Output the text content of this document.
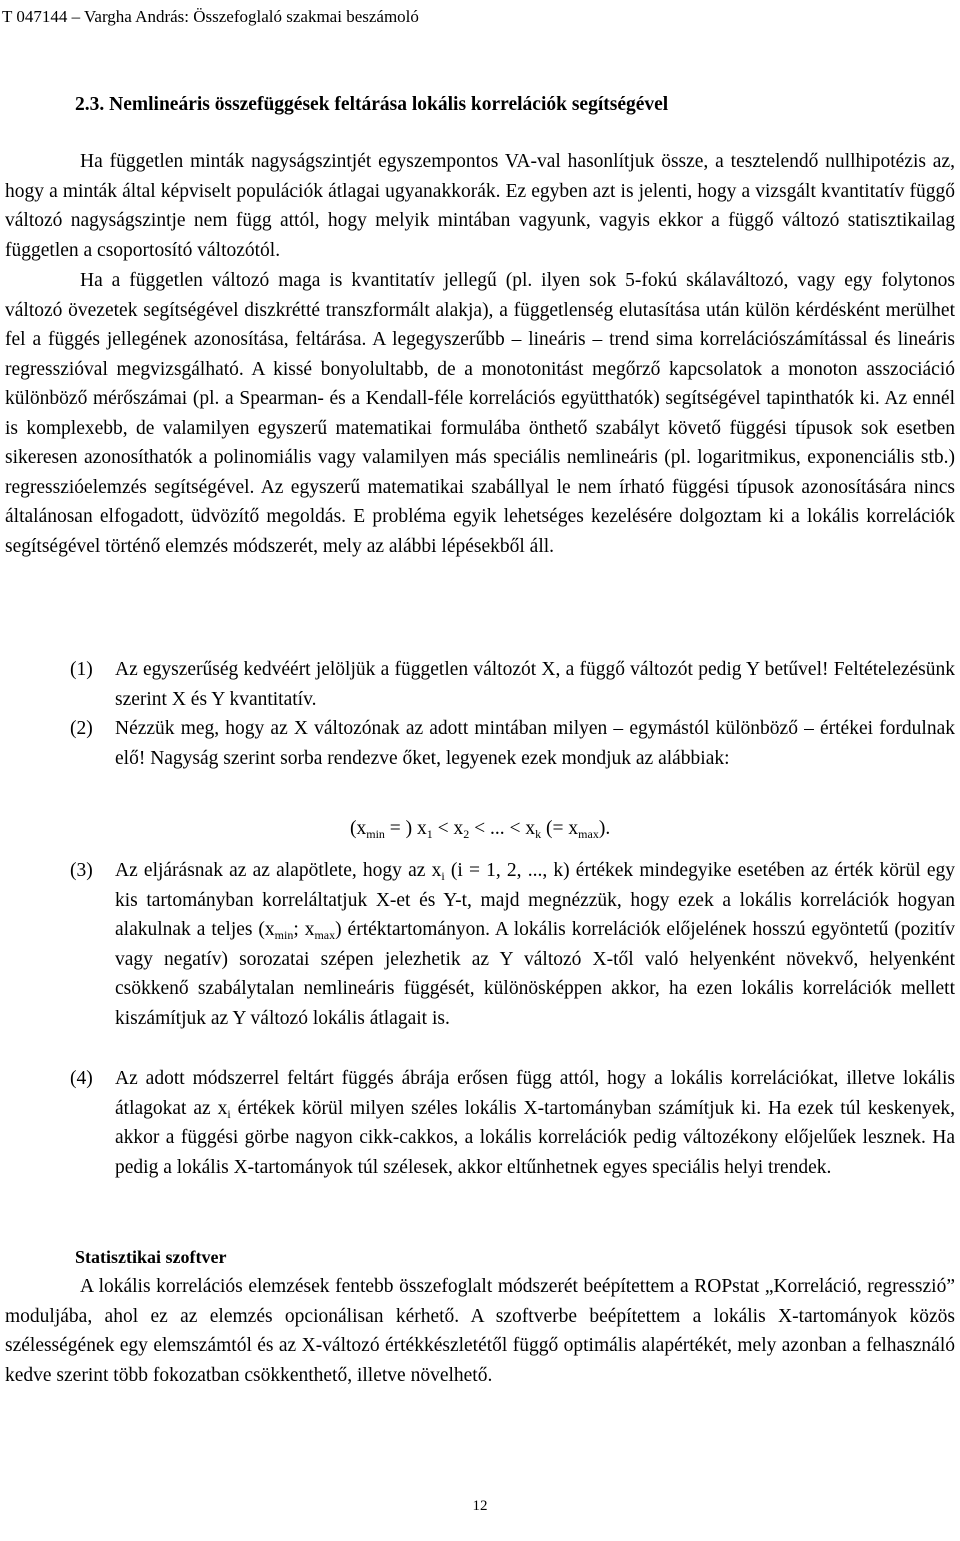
T 047144 – Vargha András: Összefoglaló szakmai beszámoló
2.3. Nemlineáris összefüggések feltárása lokális korrelációk segítségével

Ha független minták nagyságszintjét egyszempontos VA-val hasonlítjuk össze, a tesztelendő nullhipotézis az, hogy a minták által képviselt populációk átlagai ugyanakkorák. Ez egyben azt is jelenti, hogy a vizsgált kvantitatív függő változó nagyságszintje nem függ attól, hogy melyik mintában vagyunk, vagyis ekkor a függő változó statisztikailag független a csoportosító változótól.

Ha a független változó maga is kvantitatív jellegű (pl. ilyen sok 5-fokú skálaváltozó, vagy egy folytonos változó övezetek segítségével diszkrétté transzformált alakja), a függetlenség elutasítása után külön kérdésként merülhet fel a függés jellegének azonosítása, feltárása. A legegyszerűbb – lineáris – trend sima korrelációszámítással és lineáris regresszióval megvizsgálható. A kissé bonyolultabb, de a monotonitást megőrző kapcsolatok a monoton asszociáció különböző mérőszámai (pl. a Spearman- és a Kendall-féle korrelációs együtthatók) segítségével tapinthatók ki. Az ennél is komplexebb, de valamilyen egyszerű matematikai formulába önthető szabályt követő függési típusok sok esetben sikeresen azonosíthatók a polinomiális vagy valamilyen más speciális nemlineáris (pl. logaritmikus, exponenciális stb.) regresszióelemzés segítségével. Az egyszerű matematikai szabállyal le nem írható függési típusok azonosítására nincs általánosan elfogadott, üdvözítő megoldás. E probléma egyik lehetséges kezelésére dolgoztam ki a lokális korrelációk segítségével történő elemzés módszerét, mely az alábbi lépésekből áll.

(1) Az egyszerűség kedvéért jelöljük a független változót X, a függő változót pedig Y betűvel! Feltételezésünk szerint X és Y kvantitatív.

(2) Nézzük meg, hogy az X változónak az adott mintában milyen – egymástól különböző – értékei fordulnak elő! Nagyság szerint sorba rendezve őket, legyenek ezek mondjuk az alábbiak:

($x_{min}$ = ) $x_1 < x_2$ < ... < $x_k$ (= $x_{max}$).
(3) Az eljárásnak az az alapötlete, hogy az $x_i$ (i = 1, 2, ..., k) értékek mindegyike esetében az érték körül egy kis tartományban korreláltatjuk X-et és Y-t, majd megnézzük, hogy ezek a lokális korrelációk hogyan alakulnak a teljes ($x_{min}$; $x_{max}$) értéktartományon. A lokális korrelációk előjelének hosszú egyöntetű (pozitív vagy negatív) sorozatai szépen jelezhetik az Y változó X-től való helyenként növekvő, helyenként csökkenő szabálytalan nemlineáris függését, különösképpen akkor, ha ezen lokális korrelációk mellett kiszámítjuk az Y változó lokális átlagait is.

(4) Az adott módszerrel feltárt függés ábrája erősen függ attól, hogy a lokális korrelációkat, illetve lokális átlagokat az $x_i$ értékek körül milyen széles lokális X-tartományban számítjuk ki. Ha ezek túl keskenyek, akkor a függési görbe nagyon cikk-cakkos, a lokális korrelációk pedig változékony előjelűek lesznek. Ha pedig a lokális X-tartományok túl szélesek, akkor eltűnhetnek egyes speciális helyi trendek.

Statisztikai szoftver

A lokális korrelációs elemzések fentebb összefoglalt módszerét beépítettem a ROPstat „Korreláció, regresszió” moduljába, ahol ez az elemzés opcionálisan kérhető. A szoftverbe beépítettem a lokális X-tartományok közös szélességének egy elemszámtól és az X-változó értékkészletétől függő optimális alapértékét, mely azonban a felhasználó kedve szerint több fokozatban csökkenthető, illetve növelhető.

12
